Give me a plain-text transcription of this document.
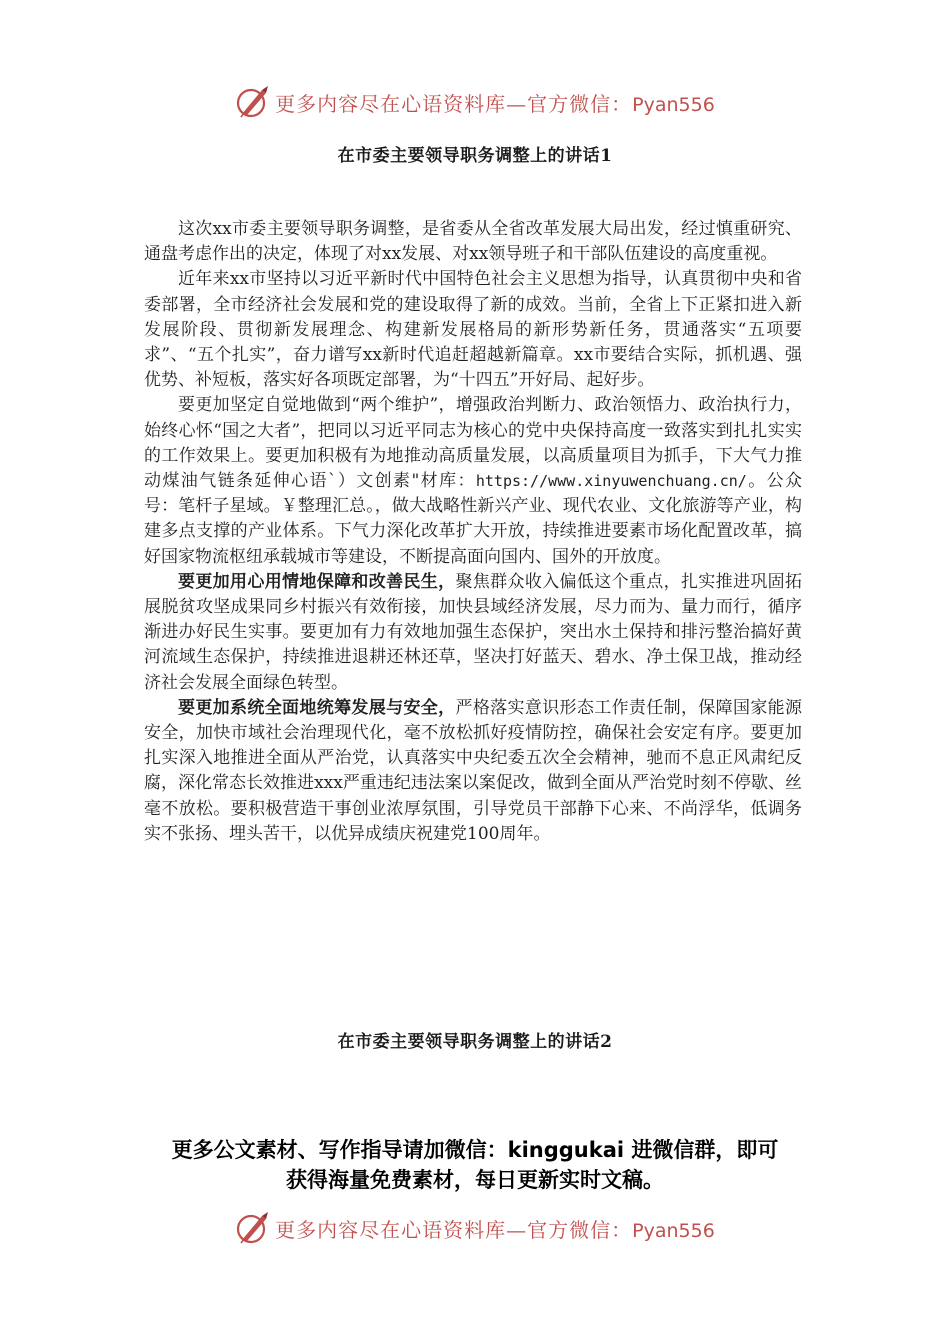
更多内容尽在心语资料库—官方微信：Pyan556
在市委主要领导职务调整上的讲话1

这次xx市委主要领导职务调整，是省委从全省改革发展大局出发，经过慎重研究、通盘考虑作出的决定，体现了对xx发展、对xx领导班子和干部队伍建设的高度重视。

近年来xx市坚持以习近平新时代中国特色社会主义思想为指导，认真贯彻中央和省委部署，全市经济社会发展和党的建设取得了新的成效。当前，全省上下正紧扣进入新发展阶段、贯彻新发展理念、构建新发展格局的新形势新任务，贯通落实“五项要求”、“五个扎实”，奋力谱写xx新时代追赶超越新篇章。xx市要结合实际，抓机遇、强优势、补短板，落实好各项既定部署，为“十四五”开好局、起好步。

要更加坚定自觉地做到“两个维护”，增强政治判断力、政治领悟力、政治执行力，始终心怀“国之大者”，把同以习近平同志为核心的党中央保持高度一致落实到扎扎实实的工作效果上。要更加积极有为地推动高质量发展，以高质量项目为抓手，下大气力推动煤油气链条延伸心语`）文创素"材库：https://www.xinyuwenchuang.cn/。公众号：笔杆子星域。￥整理汇总。，做大战略性新兴产业、现代农业、文化旅游等产业，构建多点支撑的产业体系。下气力深化改革扩大开放，持续推进要素市场化配置改革，搞好国家物流枢纽承载城市等建设，不断提高面向国内、国外的开放度。

要更加用心用情地保障和改善民生，聚焦群众收入偏低这个重点，扎实推进巩固拓展脱贫攻坚成果同乡村振兴有效衔接，加快县域经济发展，尽力而为、量力而行，循序渐进办好民生实事。要更加有力有效地加强生态保护，突出水土保持和排污整治搞好黄河流域生态保护，持续推进退耕还林还草，坚决打好蓝天、碧水、净土保卫战，推动经济社会发展全面绿色转型。

要更加系统全面地统筹发展与安全，严格落实意识形态工作责任制，保障国家能源安全，加快市域社会治理现代化，毫不放松抓好疫情防控，确保社会安定有序。要更加扎实深入地推进全面从严治党，认真落实中央纪委五次全会精神，驰而不息正风肃纪反腐，深化常态长效推进xxx严重违纪违法案以案促改，做到全面从严治党时刻不停歇、丝毫不放松。要积极营造干事创业浓厚氛围，引导党员干部静下心来、不尚浮华，低调务实不张扬、埋头苦干，以优异成绩庆祝建党100周年。

在市委主要领导职务调整上的讲话2
更多公文素材、写作指导请加微信：kinggukai 进微信群，即可
获得海量免费素材，每日更新实时文稿。
更多内容尽在心语资料库—官方微信：Pyan556
